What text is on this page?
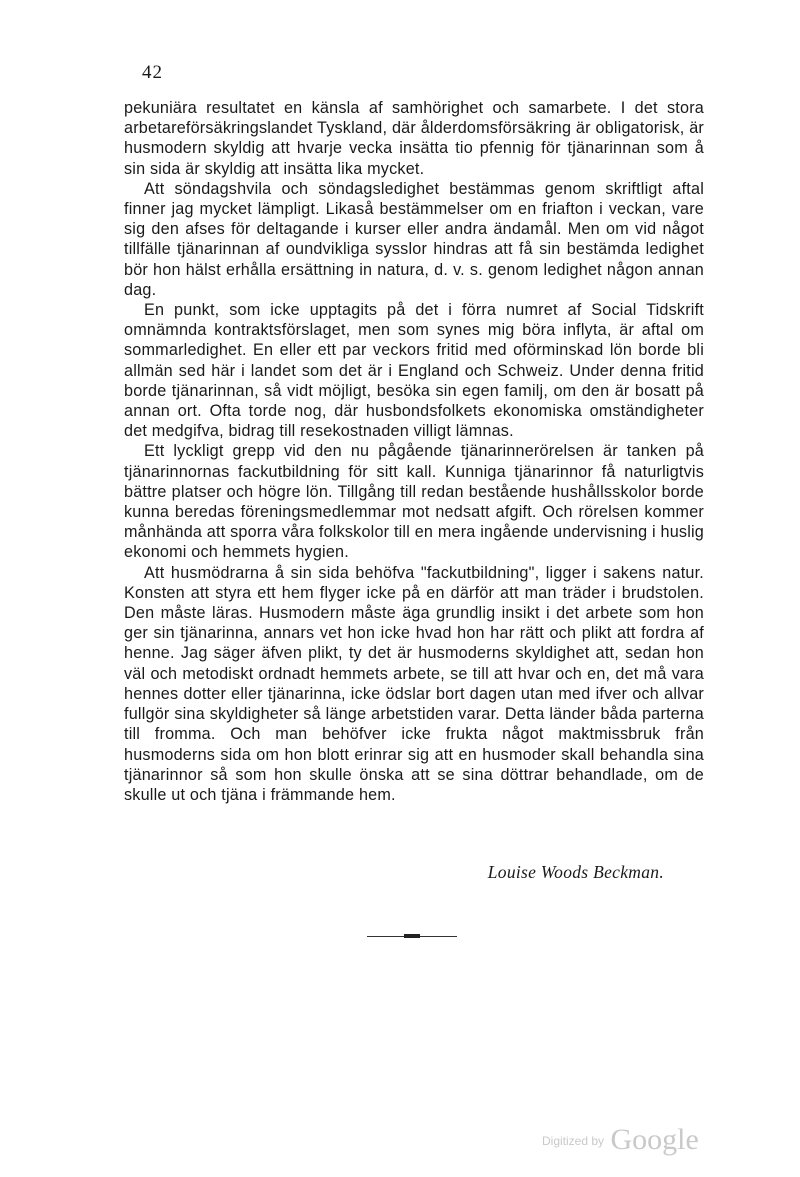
42

pekuniära resultatet en känsla af samhörighet och samarbete. I det stora arbetareförsäkringslandet Tyskland, där ålderdomsförsäkring är obligatorisk, är husmodern skyldig att hvarje vecka insätta tio pfennig för tjänarinnan som å sin sida är skyldig att insätta lika mycket.

Att söndagshvila och söndagsledighet bestämmas genom skriftligt aftal finner jag mycket lämpligt. Likaså bestämmelser om en friafton i veckan, vare sig den afses för deltagande i kurser eller andra ändamål. Men om vid något tillfälle tjänarinnan af oundvikliga sysslor hindras att få sin bestämda ledighet bör hon hälst erhålla ersättning in natura, d. v. s. genom ledighet någon annan dag.

En punkt, som icke upptagits på det i förra numret af Social Tidskrift omnämnda kontraktsförslaget, men som synes mig böra inflyta, är aftal om sommarledighet. En eller ett par veckors fritid med oförminskad lön borde bli allmän sed här i landet som det är i England och Schweiz. Under denna fritid borde tjänarinnan, så vidt möjligt, besöka sin egen familj, om den är bosatt på annan ort. Ofta torde nog, där husbondsfolkets ekonomiska omständigheter det medgifva, bidrag till resekostnaden villigt lämnas.

Ett lyckligt grepp vid den nu pågående tjänarinnerörelsen är tanken på tjänarinnornas fackutbildning för sitt kall. Kunniga tjänarinnor få naturligtvis bättre platser och högre lön. Tillgång till redan bestående hushållsskolor borde kunna beredas föreningsmedlemmar mot nedsatt afgift. Och rörelsen kommer månhända att sporra våra folkskolor till en mera ingående undervisning i huslig ekonomi och hemmets hygien.

Att husmödrarna å sin sida behöfva "fackutbildning", ligger i sakens natur. Konsten att styra ett hem flyger icke på en därför att man träder i brudstolen. Den måste läras. Husmodern måste äga grundlig insikt i det arbete som hon ger sin tjänarinna, annars vet hon icke hvad hon har rätt och plikt att fordra af henne. Jag säger äfven plikt, ty det är husmoderns skyldighet att, sedan hon väl och metodiskt ordnadt hemmets arbete, se till att hvar och en, det må vara hennes dotter eller tjänarinna, icke ödslar bort dagen utan med ifver och allvar fullgör sina skyldigheter så länge arbetstiden varar. Detta länder båda parterna till fromma. Och man behöfver icke frukta något maktmissbruk från husmoderns sida om hon blott erinrar sig att en husmoder skall behandla sina tjänarinnor så som hon skulle önska att se sina döttrar behandlade, om de skulle ut och tjäna i främmande hem.

Louise Woods Beckman.
$^{Digitized by}$ Google
